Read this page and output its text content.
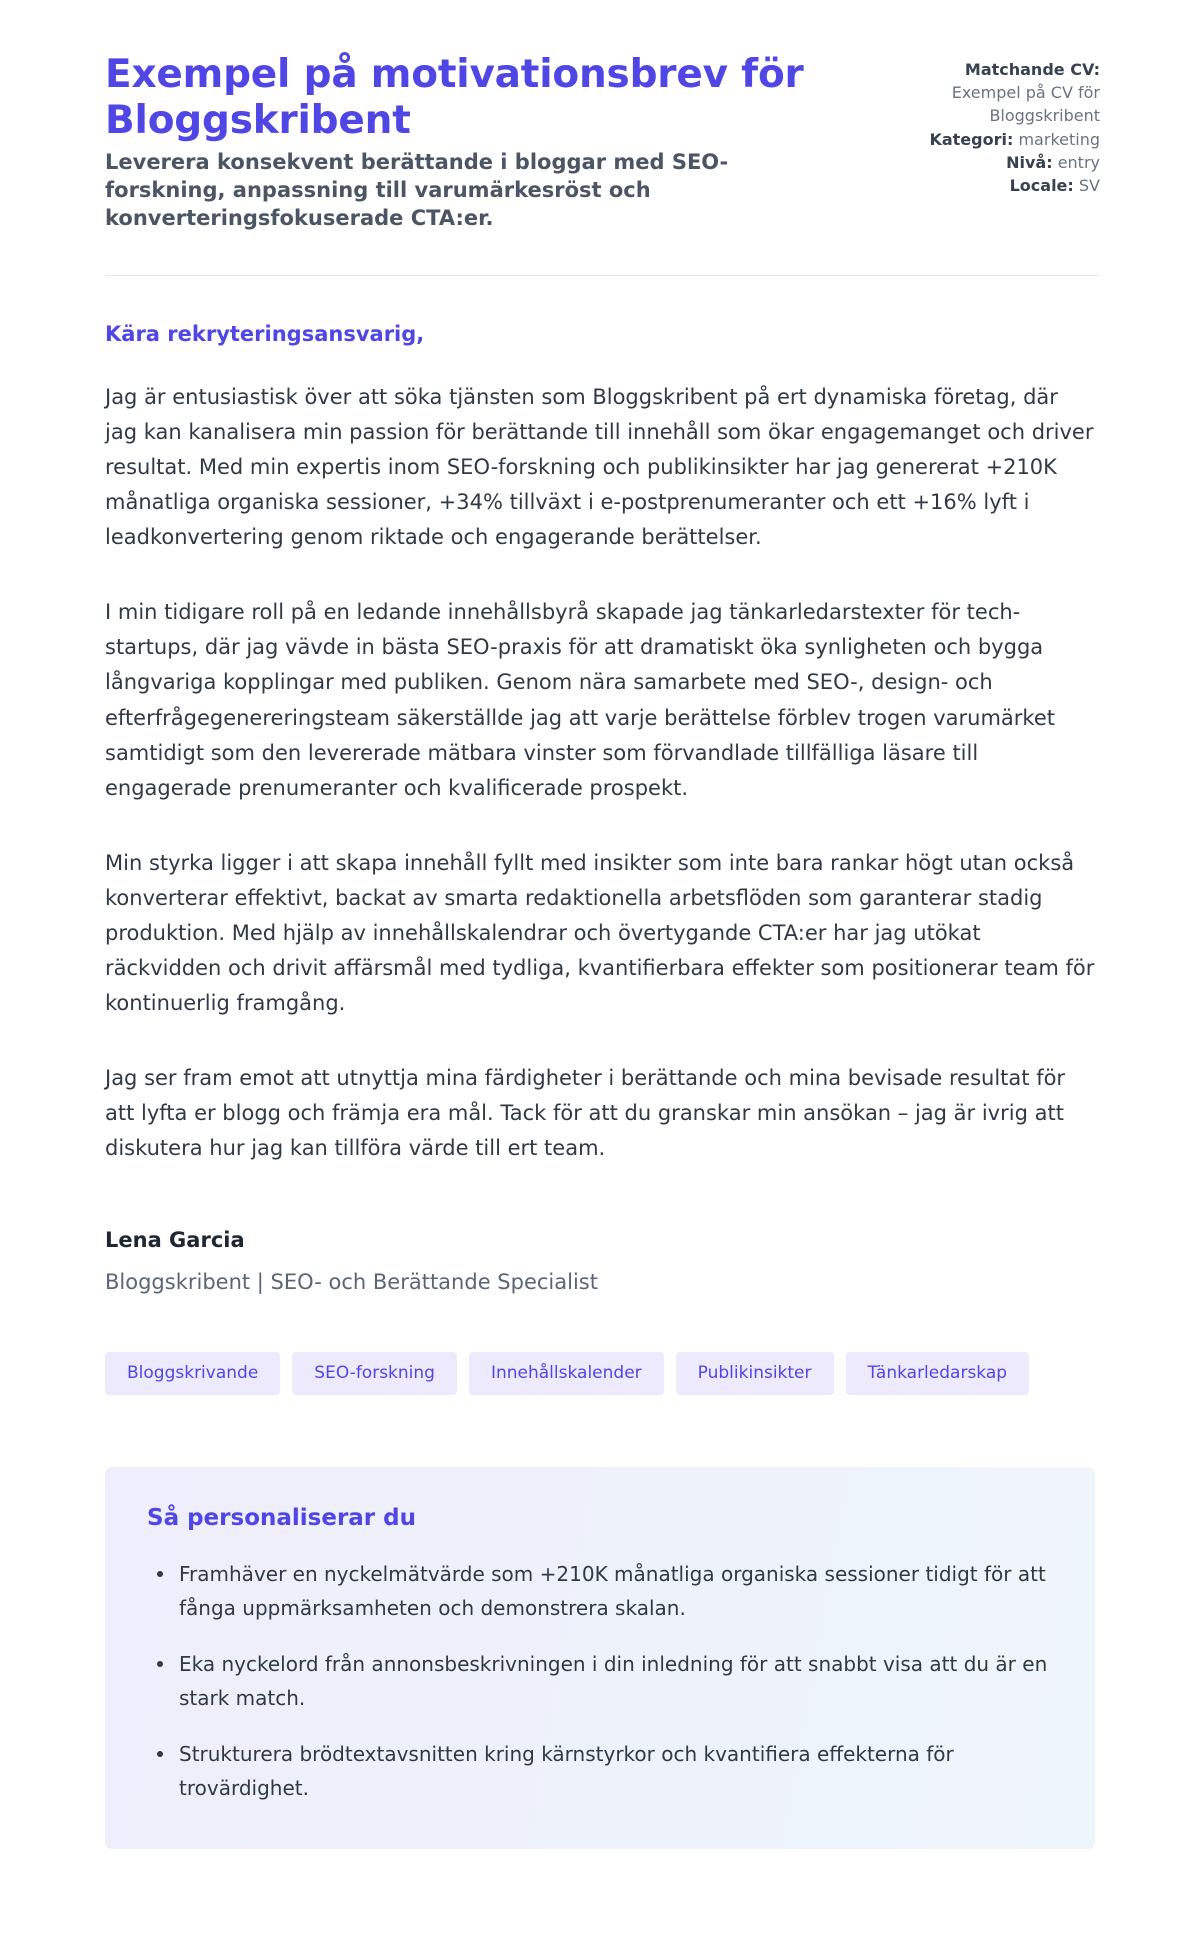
Exempel på motivationsbrev för Bloggskribent

Leverera konsekvent berättande i bloggar med SEO-forskning, anpassning till varumärkesröst och konverteringsfokuserade CTA:er.

Matchande CV: Exempel på CV för Bloggskribent
Kategori: marketing
Nivå: entry
Locale: SV

Kära rekryteringsansvarig,

Jag är entusiastisk över att söka tjänsten som Bloggskribent på ert dynamiska företag, där jag kan kanalisera min passion för berättande till innehåll som ökar engagemanget och driver resultat. Med min expertis inom SEO-forskning och publikinsikter har jag genererat +210K månatliga organiska sessioner, +34% tillväxt i e-postprenumeranter och ett +16% lyft i leadkonvertering genom riktade och engagerande berättelser.

I min tidigare roll på en ledande innehållsbyrå skapade jag tänkarledarstexter för tech-startups, där jag vävde in bästa SEO-praxis för att dramatiskt öka synligheten och bygga långvariga kopplingar med publiken. Genom nära samarbete med SEO-, design- och efterfrågegenereringsteam säkerställde jag att varje berättelse förblev trogen varumärket samtidigt som den levererade mätbara vinster som förvandlade tillfälliga läsare till engagerade prenumeranter och kvalificerade prospekt.

Min styrka ligger i att skapa innehåll fyllt med insikter som inte bara rankar högt utan också konverterar effektivt, backat av smarta redaktionella arbetsflöden som garanterar stadig produktion. Med hjälp av innehållskalendrar och övertygande CTA:er har jag utökat räckvidden och drivit affärsmål med tydliga, kvantifierbara effekter som positionerar team för kontinuerlig framgång.

Jag ser fram emot att utnyttja mina färdigheter i berättande och mina bevisade resultat för att lyfta er blogg och främja era mål. Tack för att du granskar min ansökan – jag är ivrig att diskutera hur jag kan tillföra värde till ert team.

Lena Garcia

Bloggskribent | SEO- och Berättande Specialist

Bloggskrivande	SEO-forskning	Innehållskalender	Publikinsikter	Tänkarledarskap

Så personaliserar du

Framhäver en nyckelmätvärde som +210K månatliga organiska sessioner tidigt för att fånga uppmärksamheten och demonstrera skalan.
Eka nyckelord från annonsbeskrivningen i din inledning för att snabbt visa att du är en stark match.
Strukturera brödtextavsnitten kring kärnstyrkor och kvantifiera effekterna för trovärdighet.
